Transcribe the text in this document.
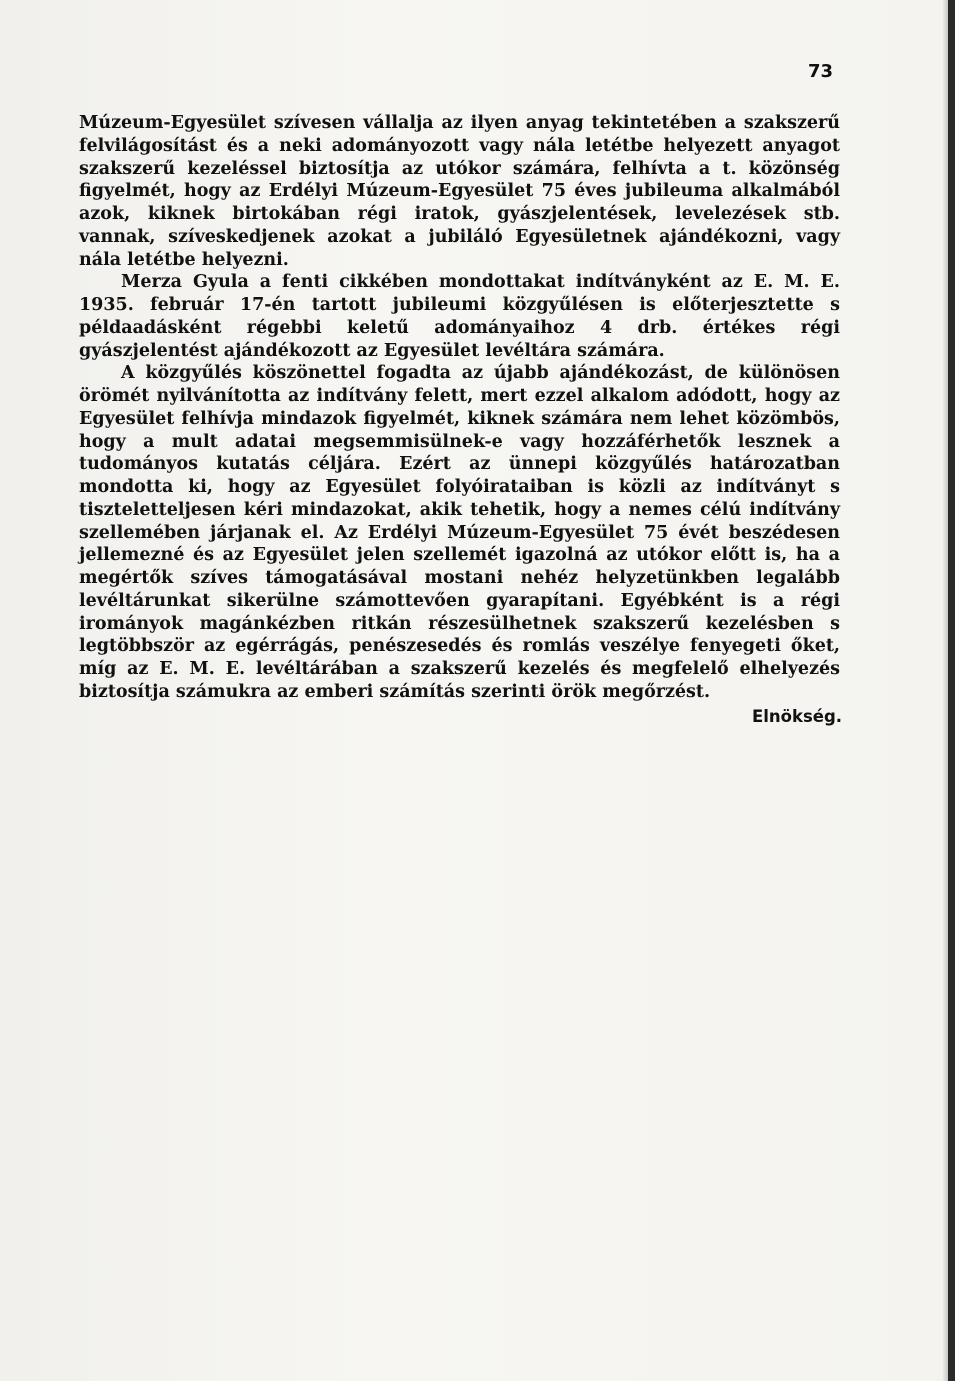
73

Múzeum-Egyesület szívesen vállalja az ilyen anyag tekintetében a szakszerű felvilágosítást és a neki adományozott vagy nála letétbe helyezett anyagot szakszerű kezeléssel biztosítja az utókor számára, felhívta a t. közönség figyelmét, hogy az Erdélyi Múzeum-Egyesület 75 éves jubileuma alkalmából azok, kiknek birtokában régi iratok, gyászjelentések, levelezések stb. vannak, szíveskedjenek azokat a jubiláló Egyesületnek ajándékozni, vagy nála letétbe helyezni.

Merza Gyula a fenti cikkében mondottakat indítványként az E. M. E. 1935. február 17-én tartott jubileumi közgyűlésen is előterjesztette s példaadásként régebbi keletű adományaihoz 4 drb. értékes régi gyászjelentést ajándékozott az Egyesület levéltára számára.

A közgyűlés köszönettel fogadta az újabb ajándékozást, de különösen örömét nyilvánította az indítvány felett, mert ezzel alkalom adódott, hogy az Egyesület felhívja mindazok figyelmét, kiknek számára nem lehet közömbös, hogy a mult adatai megsemmisülnek-e vagy hozzáférhetők lesznek a tudományos kutatás céljára. Ezért az ünnepi közgyűlés határozatban mondotta ki, hogy az Egyesület folyóirataiban is közli az indítványt s tiszteletteljesen kéri mindazokat, akik tehetik, hogy a nemes célú indítvány szellemében járjanak el. Az Erdélyi Múzeum-Egyesület 75 évét beszédesen jellemezné és az Egyesület jelen szellemét igazolná az utókor előtt is, ha a megértők szíves támogatásával mostani nehéz helyzetünkben legalább levéltárunkat sikerülne számottevően gyarapítani. Egyébként is a régi irományok magánkézben ritkán részesülhetnek szakszerű kezelésben s legtöbbször az egérrágás, penészesedés és romlás veszélye fenyegeti őket, míg az E. M. E. levéltárában a szakszerű kezelés és megfelelő elhelyezés biztosítja számukra az emberi számítás szerinti örök megőrzést.

Elnökség.
